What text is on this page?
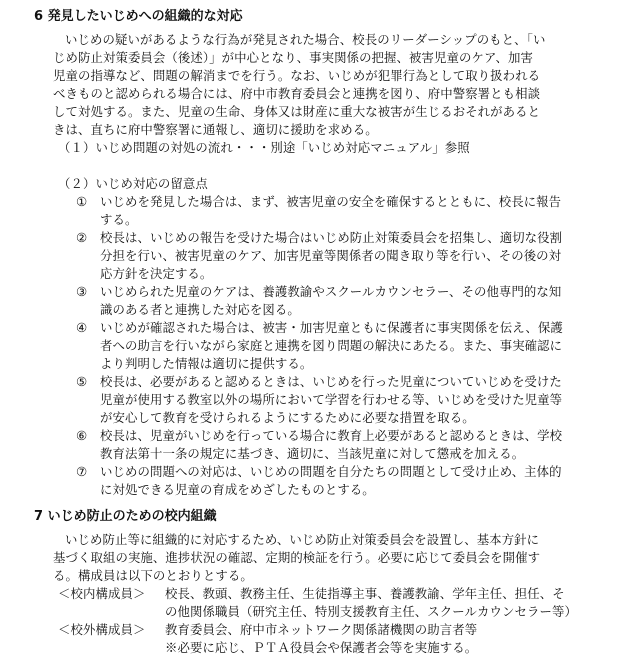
6 発見したいじめへの組織的な対応
いじめの疑いがあるような行為が発見された場合、校長のリーダーシップのもと、「い
じめ防止対策委員会（後述）」が中心となり、事実関係の把握、被害児童のケア、加害
児童の指導など、問題の解消までを行う。なお、いじめが犯罪行為として取り扱われる
べきものと認められる場合には、府中市教育委員会と連携を図り、府中警察署とも相談
して対処する。また、児童の生命、身体又は財産に重大な被害が生じるおそれがあると
きは、直ちに府中警察署に通報し、適切に援助を求める。
（１）いじめ問題の対処の流れ・・・別途「いじめ対応マニュアル」参照
（２）いじめ対応の留意点
① いじめを発見した場合は、まず、被害児童の安全を確保するとともに、校長に報告
する。
② 校長は、いじめの報告を受けた場合はいじめ防止対策委員会を招集し、適切な役割
分担を行い、被害児童のケア、加害児童等関係者の聞き取り等を行い、その後の対
応方針を決定する。
③ いじめられた児童のケアは、養護教諭やスクールカウンセラー、その他専門的な知
識のある者と連携した対応を図る。
④ いじめが確認された場合は、被害・加害児童ともに保護者に事実関係を伝え、保護
者への助言を行いながら家庭と連携を図り問題の解決にあたる。また、事実確認に
より判明した情報は適切に提供する。
⑤ 校長は、必要があると認めるときは、いじめを行った児童についていじめを受けた
児童が使用する教室以外の場所において学習を行わせる等、いじめを受けた児童等
が安心して教育を受けられるようにするために必要な措置を取る。
⑥ 校長は、児童がいじめを行っている場合に教育上必要があると認めるときは、学校
教育法第十一条の規定に基づき、適切に、当該児童に対して懲戒を加える。
⑦ いじめの問題への対応は、いじめの問題を自分たちの問題として受け止め、主体的
に対処できる児童の育成をめざしたものとする。
7 いじめ防止のための校内組織
いじめ防止等に組織的に対応するため、いじめ防止対策委員会を設置し、基本方針に
基づく取組の実施、進捗状況の確認、定期的検証を行う。必要に応じて委員会を開催す
る。構成員は以下のとおりとする。
＜校内構成員＞ 校長、教頭、教務主任、生徒指導主事、養護教諭、学年主任、担任、そ
の他関係職員（研究主任、特別支援教育主任、スクールカウンセラー等）
＜校外構成員＞ 教育委員会、府中市ネットワーク関係諸機関の助言者等
※必要に応じ、ＰＴＡ役員会や保護者会等を実施する。
